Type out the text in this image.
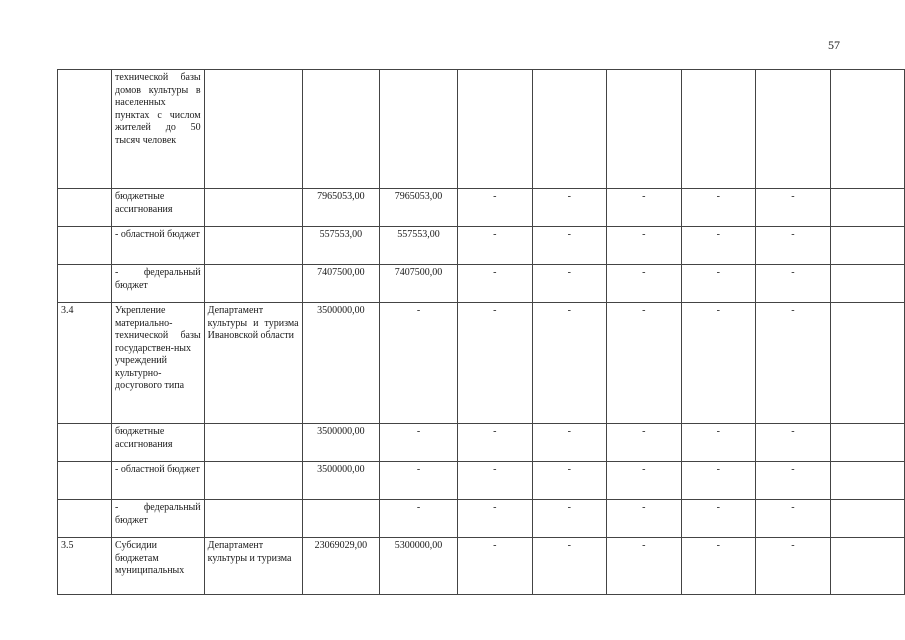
57
	технической базы домов культуры в населенных пунктах с числом жителей до 50 тысяч человек									
	бюджетные ассигнования		7965053,00	7965053,00	-	-	-	-	-	
	- областной бюджет		557553,00	557553,00	-	-	-	-	-	
	- федеральный бюджет		7407500,00	7407500,00	-	-	-	-	-	
3.4	Укрепление материально-технической базы государствен-ных учреждений культурно-досугового типа	Департамент культуры и туризма Ивановской области	3500000,00	-	-	-	-	-	-	
	бюджетные ассигнования		3500000,00	-	-	-	-	-	-	
	- областной бюджет		3500000,00	-	-	-	-	-	-	
	- федеральный бюджет			-	-	-	-	-	-	
3.5	Субсидии бюджетам муниципальных	Департамент культуры и туризма	23069029,00	5300000,00	-	-	-	-	-	
